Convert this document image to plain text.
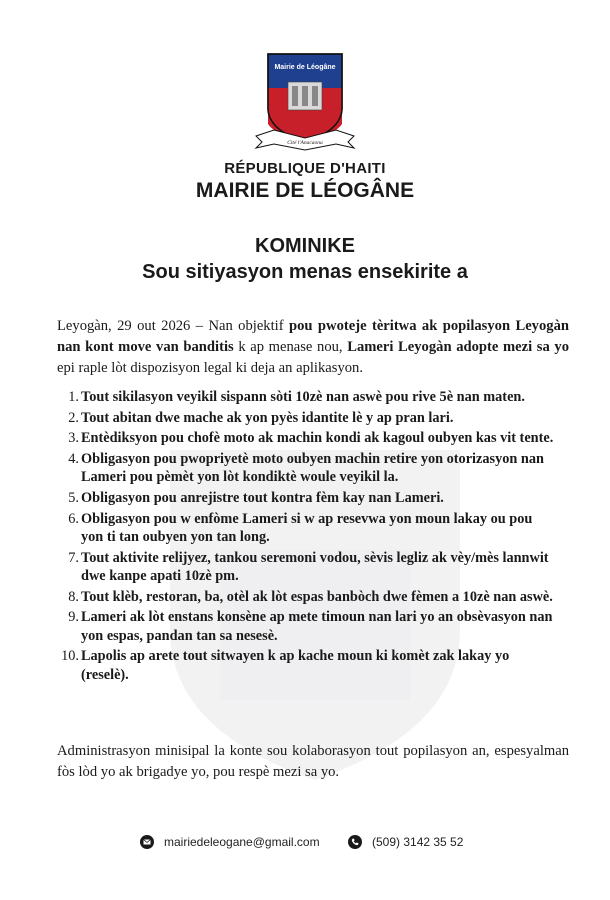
Mairie de Léogâne
Cité l'Anacaona
RÉPUBLIQUE D'HAITI
MAIRIE DE LÉOGÂNE
KOMINIKE
Sou sitiyasyon menas ensekirite a

Leyogàn, 29 out 2026 – Nan objektif pou pwoteje tèritwa ak popilasyon Leyogàn nan kont move van banditis k ap menase nou, Lameri Leyogàn adopte mezi sa yo epi raple lòt dispozisyon legal ki deja an aplikasyon.

1. Tout sikilasyon veyikil sispann sòti 10zè nan aswè pou rive 5è nan maten.
2. Tout abitan dwe mache ak yon pyès idantite lè y ap pran lari.
3. Entèdiksyon pou chofè moto ak machin kondi ak kagoul oubyen kas vit tente.
4. Obligasyon pou pwopriyetè moto oubyen machin retire yon otorizasyon nan Lameri pou pèmèt yon lòt kondiktè woule veyikil la.
5. Obligasyon pou anrejistre tout kontra fèm kay nan Lameri.
6. Obligasyon pou w enfòme Lameri si w ap resevwa yon moun lakay ou pou yon ti tan oubyen yon tan long.
7. Tout aktivite relijyez, tankou seremoni vodou, sèvis legliz ak vèy/mès lannwit dwe kanpe apati 10zè pm.
8. Tout klèb, restoran, ba, otèl ak lòt espas banbòch dwe fèmen a 10zè nan aswè.
9. Lameri ak lòt enstans konsène ap mete timoun nan lari yo an obsèvasyon nan yon espas, pandan tan sa nesesè.
10. Lapolis ap arete tout sitwayen k ap kache moun ki komèt zak lakay yo (reselè).

Administrasyon minisipal la konte sou kolaborasyon tout popilasyon an, espesyalman fòs lòd yo ak brigadye yo, pou respè mezi sa yo.

mairiedeleogane@gmail.com	(509) 3142 35 52
